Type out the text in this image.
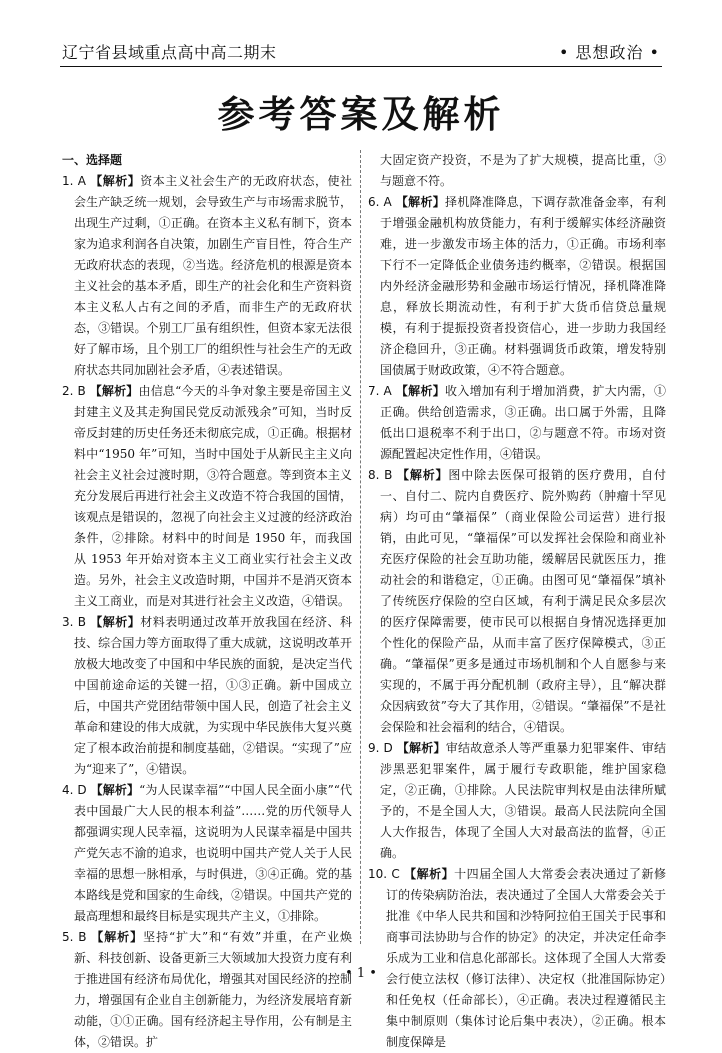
辽宁省县域重点高中高二期末	• 思想政治 •
参考答案及解析

一、选择题

1. A 【解析】资本主义社会生产的无政府状态，使社会生产缺乏统一规划，会导致生产与市场需求脱节，出现生产过剩，①正确。在资本主义私有制下，资本家为追求利润各自决策，加剧生产盲目性，符合生产无政府状态的表现，②当选。经济危机的根源是资本主义社会的基本矛盾，即生产的社会化和生产资料资本主义私人占有之间的矛盾，而非生产的无政府状态，③错误。个别工厂虽有组织性，但资本家无法很好了解市场，且个别工厂的组织性与社会生产的无政府状态共同加剧社会矛盾，④表述错误。

2. B 【解析】由信息“今天的斗争对象主要是帝国主义封建主义及其走狗国民党反动派残余”可知，当时反帝反封建的历史任务还未彻底完成，①正确。根据材料中“1950 年”可知，当时中国处于从新民主主义向社会主义社会过渡时期，③符合题意。等到资本主义充分发展后再进行社会主义改造不符合我国的国情，该观点是错误的，忽视了向社会主义过渡的经济政治条件，②排除。材料中的时间是 1950 年，而我国从 1953 年开始对资本主义工商业实行社会主义改造。另外，社会主义改造时期，中国并不是消灭资本主义工商业，而是对其进行社会主义改造，④错误。

3. B 【解析】材料表明通过改革开放我国在经济、科技、综合国力等方面取得了重大成就，这说明改革开放极大地改变了中国和中华民族的面貌，是决定当代中国前途命运的关键一招，①③正确。新中国成立后，中国共产党团结带领中国人民，创造了社会主义革命和建设的伟大成就，为实现中华民族伟大复兴奠定了根本政治前提和制度基础，②错误。“实现了”应为“迎来了”，④错误。

4. D 【解析】“为人民谋幸福”“中国人民全面小康”“代表中国最广大人民的根本利益”……党的历代领导人都强调实现人民幸福，这说明为人民谋幸福是中国共产党矢志不渝的追求，也说明中国共产党人关于人民幸福的思想一脉相承，与时俱进，③④正确。党的基本路线是党和国家的生命线，②错误。中国共产党的最高理想和最终目标是实现共产主义，①排除。

5. B 【解析】坚持“扩大”和“有效”并重，在产业焕新、科技创新、设备更新三大领域加大投资力度有利于推进国有经济布局优化，增强其对国民经济的控制力，增强国有企业自主创新能力，为经济发展培育新动能，①①正确。国有经济起主导作用，公有制是主体，②错误。扩

大固定资产投资，不是为了扩大规模，提高比重，③与题意不符。

6. A 【解析】择机降准降息，下调存款准备金率，有利于增强金融机构放贷能力，有利于缓解实体经济融资难，进一步激发市场主体的活力，①正确。市场利率下行不一定降低企业债务违约概率，②错误。根据国内外经济金融形势和金融市场运行情况，择机降准降息，释放长期流动性，有利于扩大货币信贷总量规模，有利于提振投资者投资信心，进一步助力我国经济企稳回升，③正确。材料强调货币政策，增发特别国债属于财政政策，④不符合题意。

7. A 【解析】收入增加有利于增加消费，扩大内需，①正确。供给创造需求，③正确。出口属于外需，且降低出口退税率不利于出口，②与题意不符。市场对资源配置起决定性作用，④错误。

8. B 【解析】图中除去医保可报销的医疗费用，自付一、自付二、院内自费医疗、院外购药（肿瘤十罕见病）均可由“肇福保”（商业保险公司运营）进行报销，由此可见，“肇福保”可以发挥社会保险和商业补充医疗保险的社会互助功能，缓解居民就医压力，推动社会的和谐稳定，①正确。由图可见“肇福保”填补了传统医疗保险的空白区域，有利于满足民众多层次的医疗保障需要，使市民可以根据自身情况选择更加个性化的保险产品，从而丰富了医疗保障模式，③正确。“肇福保”更多是通过市场机制和个人自愿参与来实现的，不属于再分配机制（政府主导），且“解决群众因病致贫”夸大了其作用，②错误。“肇福保”不是社会保险和社会福利的结合，④错误。

9. D 【解析】审结故意杀人等严重暴力犯罪案件、审结涉黑恶犯罪案件，属于履行专政职能，维护国家稳定，②正确，①排除。人民法院审判权是由法律所赋予的，不是全国人大，③错误。最高人民法院向全国人大作报告，体现了全国人大对最高法的监督，④正确。

10. C 【解析】十四届全国人大常委会表决通过了新修订的传染病防治法，表决通过了全国人大常委会关于批准《中华人民共和国和沙特阿拉伯王国关于民事和商事司法协助与合作的协定》的决定，并决定任命李乐成为工业和信息化部部长。这体现了全国人大常委会行使立法权（修订法律）、决定权（批准国际协定）和任免权（任命部长），④正确。表决过程遵循民主集中制原则（集体讨论后集中表决），②正确。根本制度保障是

• 1 •
